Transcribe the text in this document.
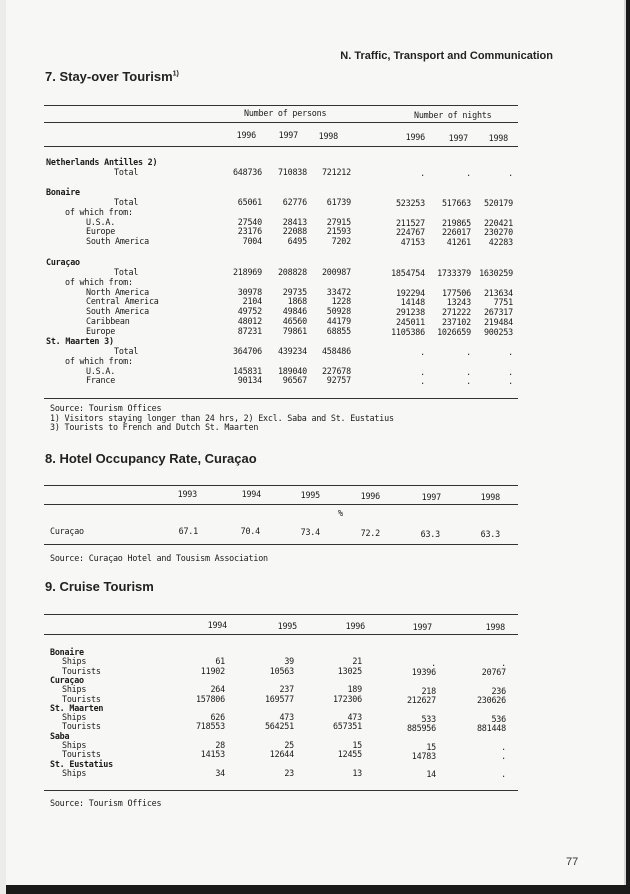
N. Traffic, Transport and Communication
7. Stay-over Tourism$^{1)}$
Number of persons	Number of nights
1996	1997 1998	1996	1997 1998
Netherlands Antilles 2)
Total	648736 710838 721212	.	.	.
Bonaire
Total	65061 62776 61739	523253 517663 520179
of which from:
U.S.A.	27540 28413 27915	211527 219865 220421
Europe	23176 22088 21593	224767 226017 230270
South America	7004	6495	7202	47153	41261 42283
Curaçao
Total	218969 208828 200987	1854754 1733379 1630259
of which from:
North America	30978 29735 33472	192294 177506 213634
Central America	2104	1868	1228	14148	13243	7751
South America	49752 49846 50928	291238 271222 267317
Caribbean	48012 46560 44179	245011 237102 219484
Europe	87231 79861 68855	1105386 1026659 900253
St. Maarten 3)
Total	364706 439234 458486	.	.	.
of which from:
U.S.A.	145831 189040 227678	.	.	.
France	90134 96567 92757	.	.	.
Source: Tourism Offices
1) Visitors staying longer than 24 hrs, 2) Excl. Saba and St. Eustatius
3) Tourists to French and Dutch St. Maarten
8. Hotel Occupancy Rate, Curaçao
1993	1994	1995	1996	1997	1998
%
Curaçao	67.1	70.4	73.4	72.2	63.3	63.3
Source: Curaçao Hotel and Tousism Association
9. Cruise Tourism
1994	1995	1996	1997	1998
Bonaire
Ships	61	39	21	.	.
Tourists	11902	10563	13025	19396	20767
Curaçao
Ships	264	237	189	218	236
Tourists	157806	169577	172306	212627	230626
St. Maarten
Ships	626	473	473	533	536
Tourists	718553	564251	657351	885956	881448
Saba
Ships	28	25	15	15	.
Tourists	14153	12644	12455	14783	.
St. Eustatius
Ships	34	23	13	14	.
Source: Tourism Offices
77
